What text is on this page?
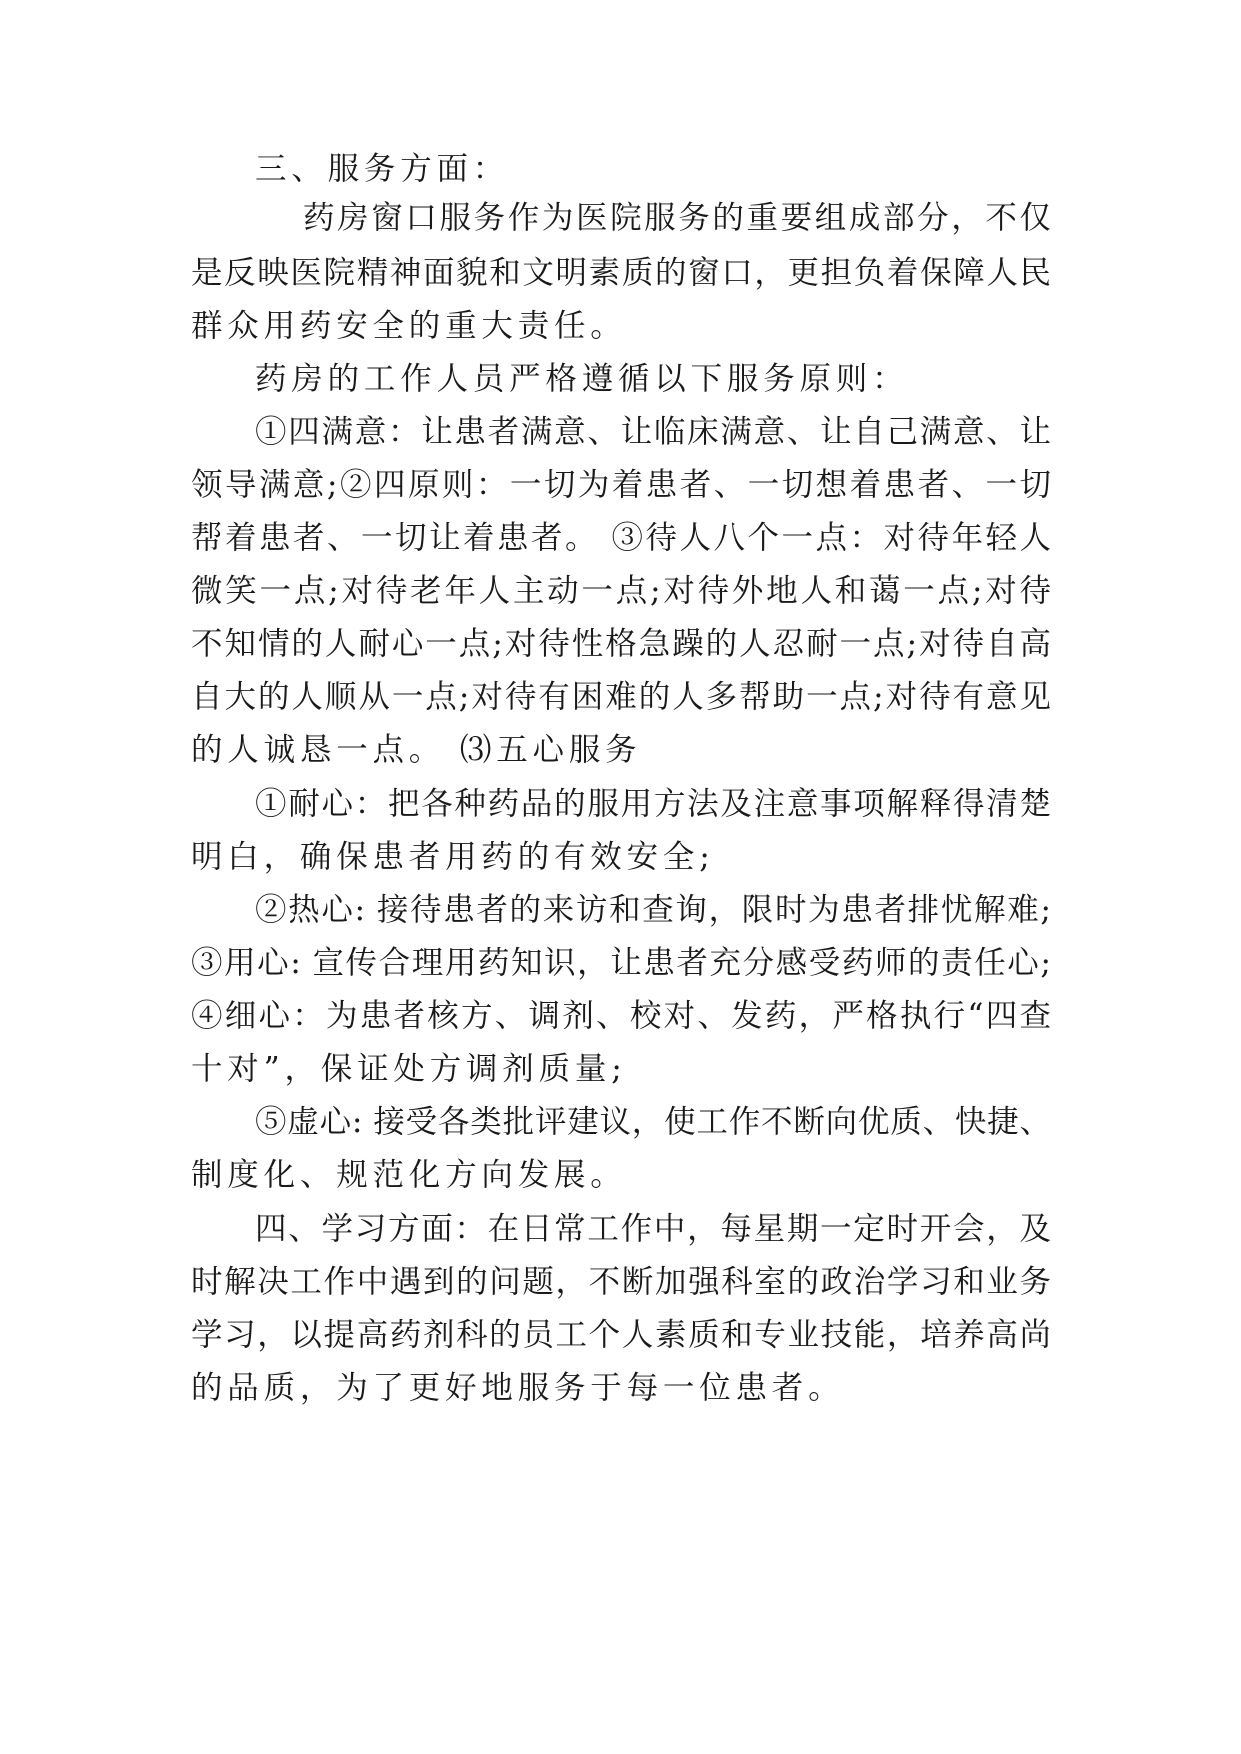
三、服务方面：
药房窗口服务作为医院服务的重要组成部分，不仅
是反映医院精神面貌和文明素质的窗口，更担负着保障人民
群众用药安全的重大责任。
药房的工作人员严格遵循以下服务原则：
①四满意：让患者满意、让临床满意、让自己满意、让
领导满意;②四原则：一切为着患者、一切想着患者、一切
帮着患者、一切让着患者。 ③待人八个一点：对待年轻人
微笑一点;对待老年人主动一点;对待外地人和蔼一点;对待
不知情的人耐心一点;对待性格急躁的人忍耐一点;对待自高
自大的人顺从一点;对待有困难的人多帮助一点;对待有意见
的人诚恳一点。 ⑶五心服务
①耐心：把各种药品的服用方法及注意事项解释得清楚
明白，确保患者用药的有效安全;
②热心: 接待患者的来访和查询，限时为患者排忧解难;
③用心: 宣传合理用药知识，让患者充分感受药师的责任心;
④细心：为患者核方、调剂、校对、发药，严格执行“四查
十对”，保证处方调剂质量;
⑤虚心: 接受各类批评建议，使工作不断向优质、快捷、
制度化、规范化方向发展。
四、学习方面：在日常工作中，每星期一定时开会，及
时解决工作中遇到的问题，不断加强科室的政治学习和业务
学习，以提高药剂科的员工个人素质和专业技能，培养高尚
的品质，为了更好地服务于每一位患者。
